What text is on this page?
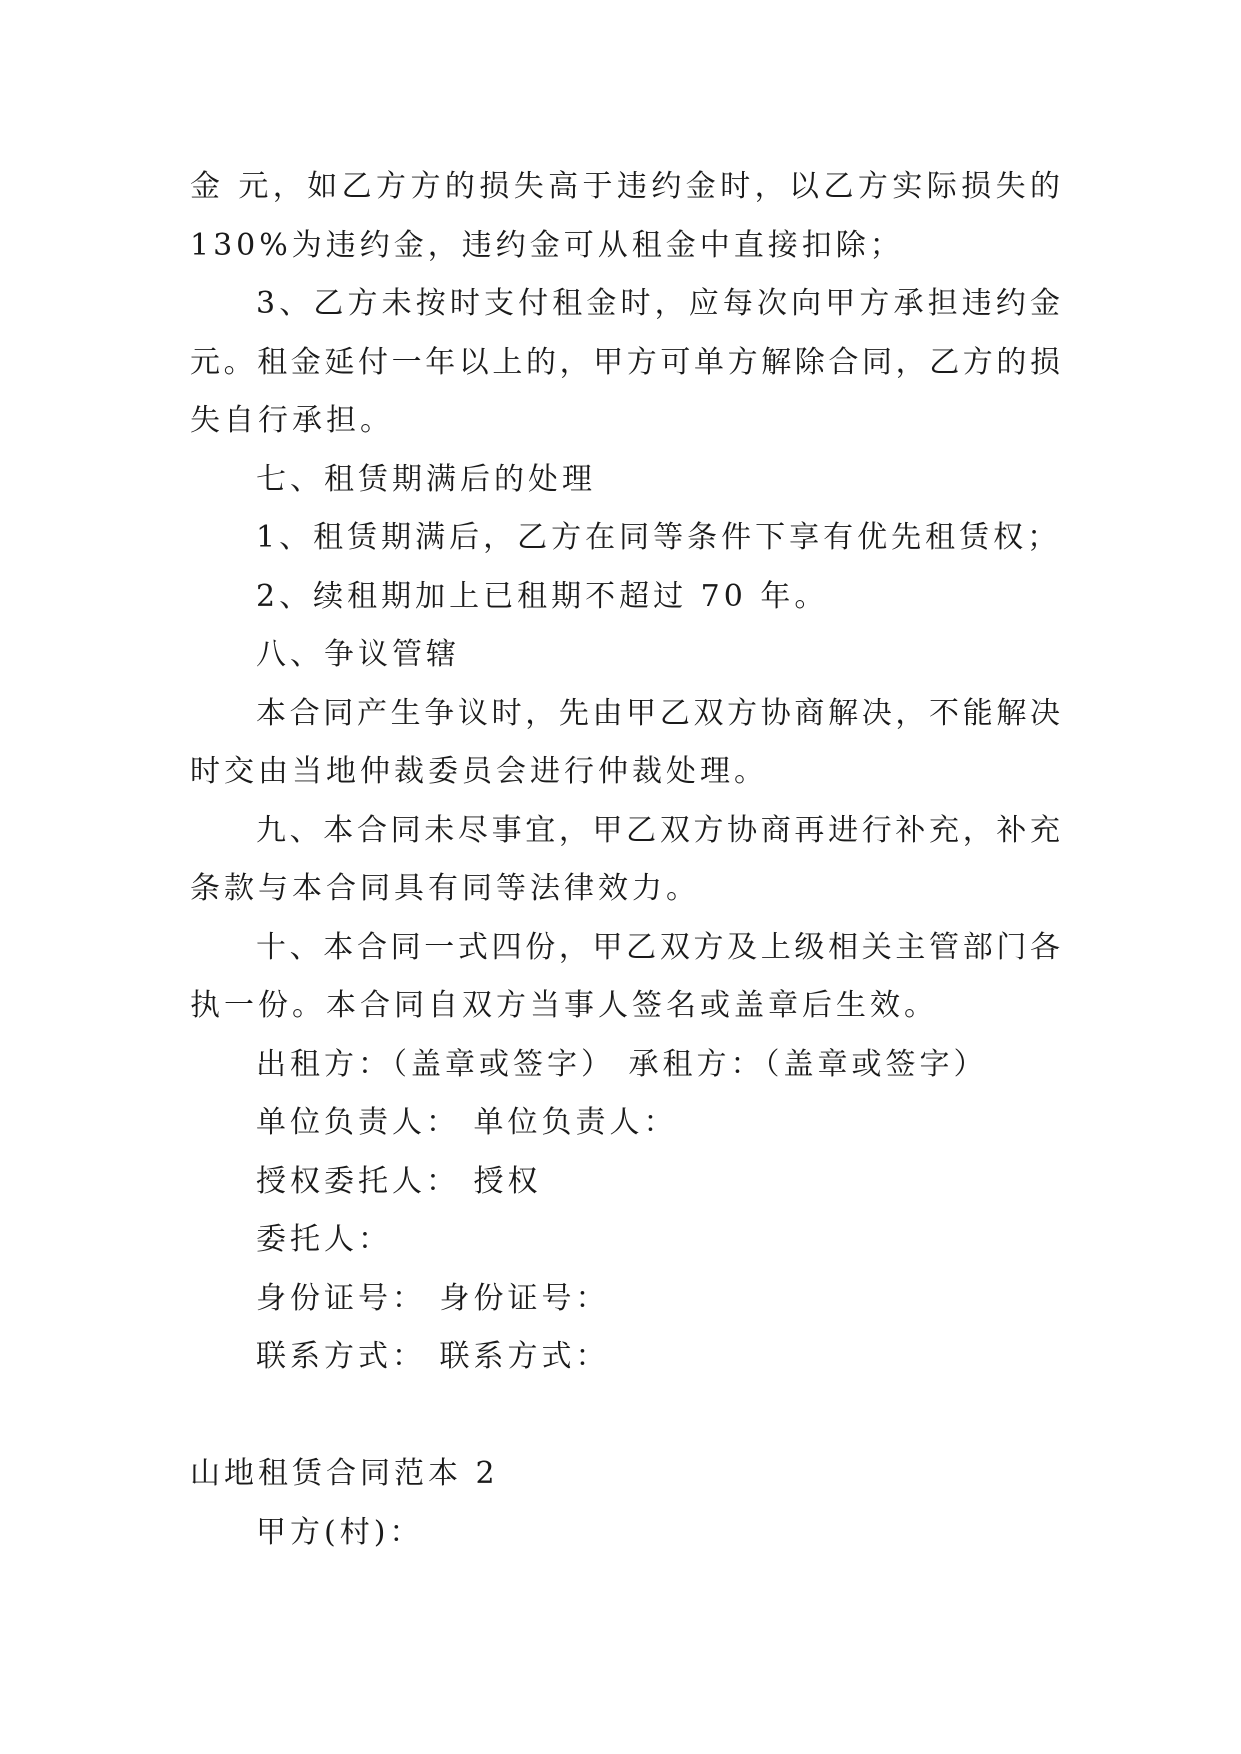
金 元，如乙方方的损失高于违约金时，以乙方实际损失的
130%为违约金，违约金可从租金中直接扣除；
3、乙方未按时支付租金时，应每次向甲方承担违约金
元。租金延付一年以上的，甲方可单方解除合同，乙方的损
失自行承担。
七、租赁期满后的处理
1、租赁期满后，乙方在同等条件下享有优先租赁权；
2、续租期加上已租期不超过 70 年。
八、争议管辖
本合同产生争议时，先由甲乙双方协商解决，不能解决
时交由当地仲裁委员会进行仲裁处理。
九、本合同未尽事宜，甲乙双方协商再进行补充，补充
条款与本合同具有同等法律效力。
十、本合同一式四份，甲乙双方及上级相关主管部门各
执一份。本合同自双方当事人签名或盖章后生效。
出租方：（盖章或签字） 承租方：（盖章或签字）
单位负责人： 单位负责人：
授权委托人： 授权
委托人：
身份证号： 身份证号：
联系方式： 联系方式：
山地租赁合同范本 2
甲方(村)：
